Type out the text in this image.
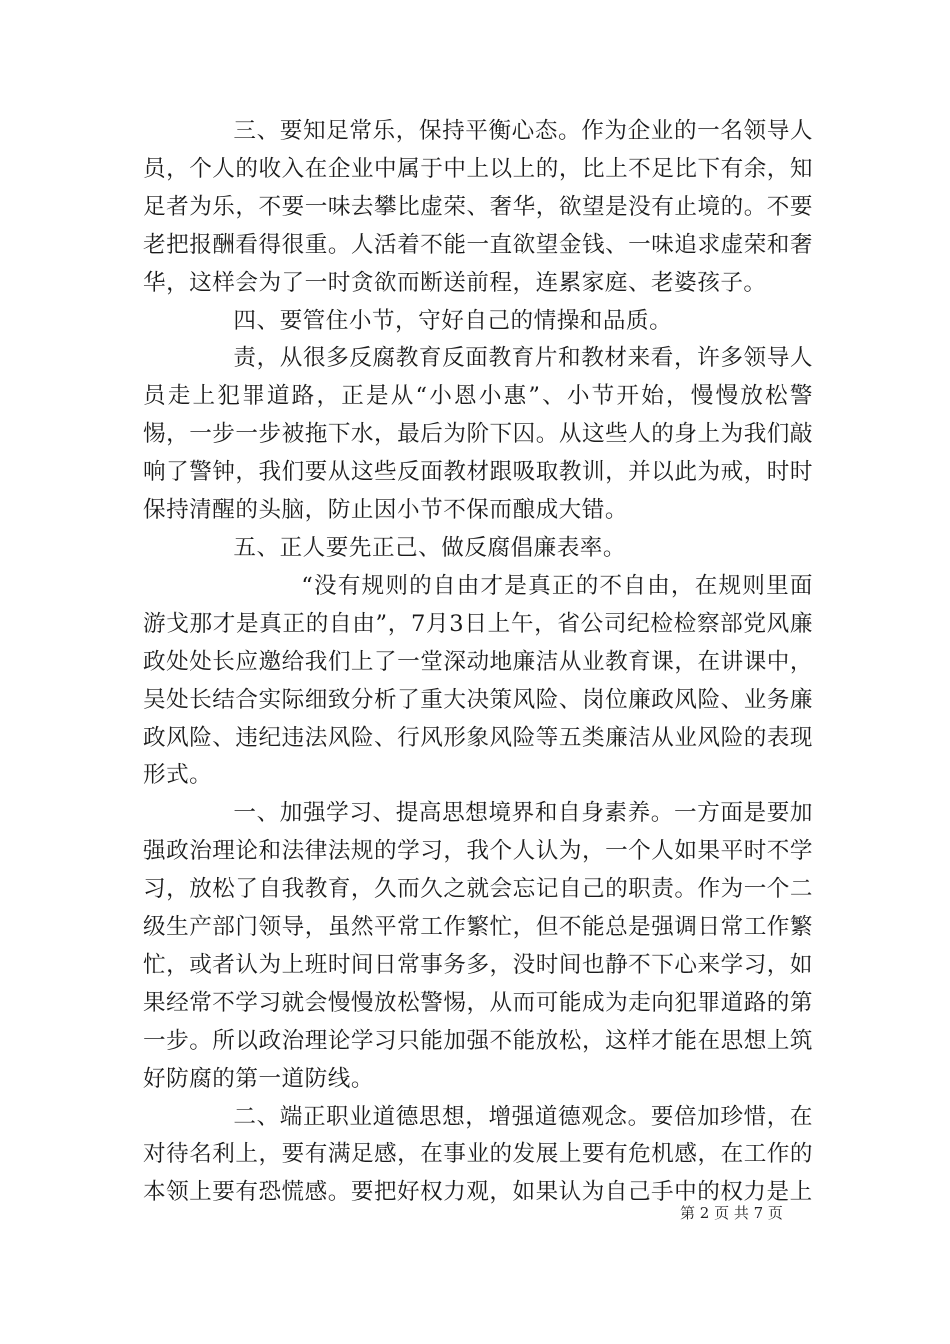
三、要知足常乐，保持平衡心态。作为企业的一名领导人员，个人的收入在企业中属于中上以上的，比上不足比下有余，知足者为乐，不要一味去攀比虚荣、奢华，欲望是没有止境的。不要老把报酬看得很重。人活着不能一直欲望金钱、一味追求虚荣和奢华，这样会为了一时贪欲而断送前程，连累家庭、老婆孩子。

四、要管住小节，守好自己的情操和品质。

责，从很多反腐教育反面教育片和教材来看，许多领导人员走上犯罪道路，正是从“小恩小惠”、小节开始，慢慢放松警惕，一步一步被拖下水，最后为阶下囚。从这些人的身上为我们敲响了警钟，我们要从这些反面教材跟吸取教训，并以此为戒，时时保持清醒的头脑，防止因小节不保而酿成大错。

五、正人要先正己、做反腐倡廉表率。

“没有规则的自由才是真正的不自由，在规则里面游戈那才是真正的自由”，7月3日上午，省公司纪检检察部党风廉政处处长应邀给我们上了一堂深动地廉洁从业教育课，在讲课中，吴处长结合实际细致分析了重大决策风险、岗位廉政风险、业务廉政风险、违纪违法风险、行风形象风险等五类廉洁从业风险的表现形式。

一、加强学习、提高思想境界和自身素养。一方面是要加强政治理论和法律法规的学习，我个人认为，一个人如果平时不学习，放松了自我教育，久而久之就会忘记自己的职责。作为一个二级生产部门领导，虽然平常工作繁忙，但不能总是强调日常工作繁忙，或者认为上班时间日常事务多，没时间也静不下心来学习，如果经常不学习就会慢慢放松警惕，从而可能成为走向犯罪道路的第一步。所以政治理论学习只能加强不能放松，这样才能在思想上筑好防腐的第一道防线。

二、端正职业道德思想，增强道德观念。要倍加珍惜，在对待名利上，要有满足感，在事业的发展上要有危机感，在工作的本领上要有恐慌感。要把好权力观，如果认为自己手中的权力是上

第 2 页 共 7 页
